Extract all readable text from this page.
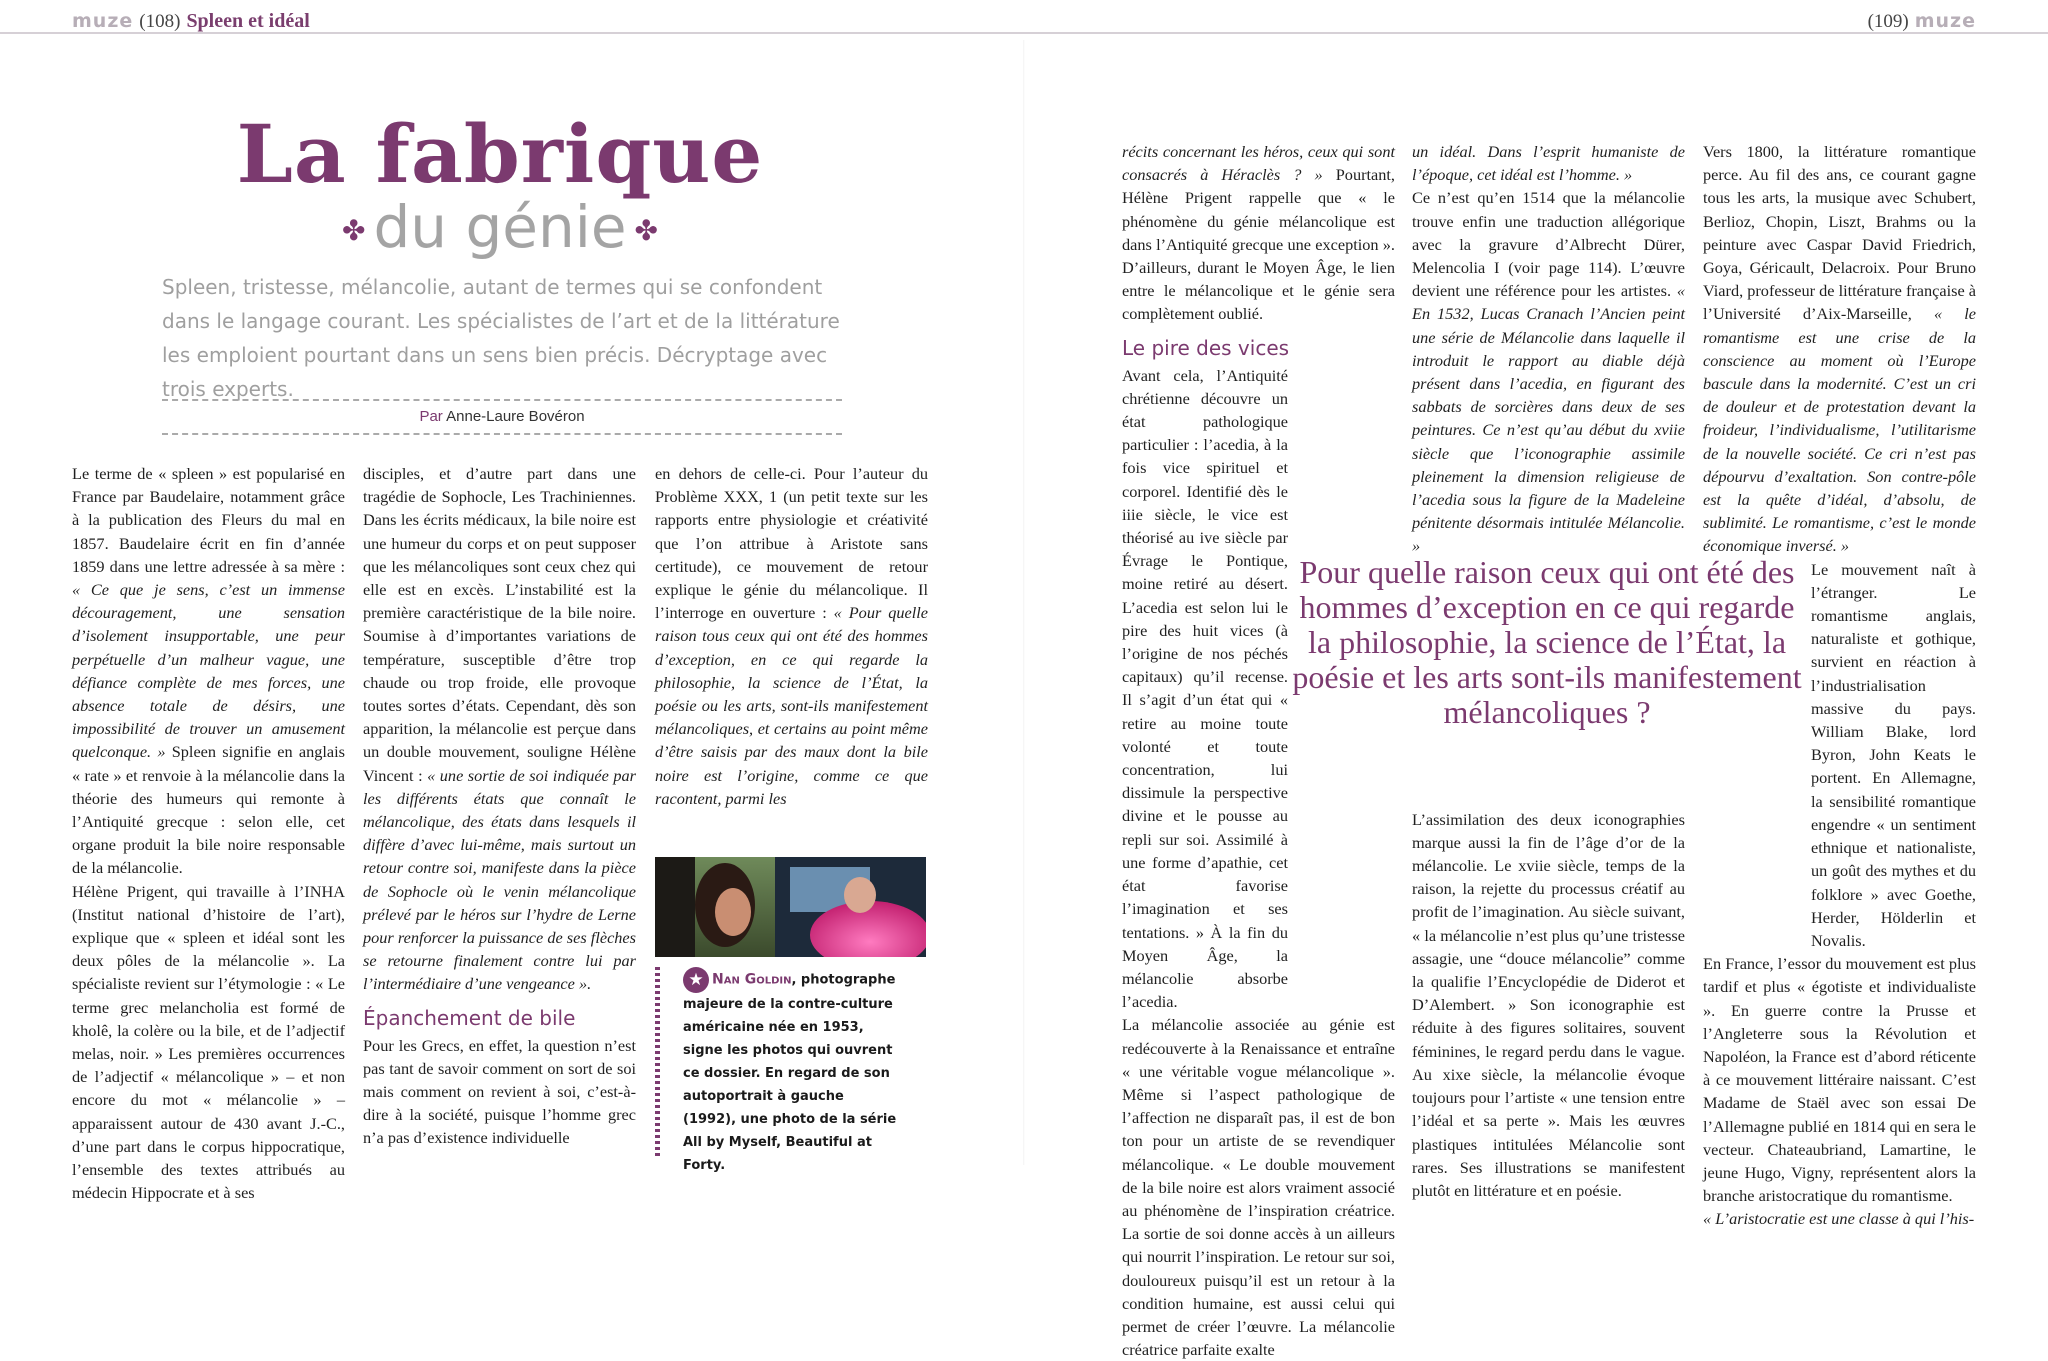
muze (108) Spleen et idéal	(109) muze
La fabrique
✤ du génie ✤

Spleen, tristesse, mélancolie, autant de termes qui se confondent dans le langage courant. Les spécialistes de l’art et de la littérature les emploient pourtant dans un sens bien précis. Décryptage avec trois experts.

Par Anne-Laure Bovéron

Le terme de « spleen » est popularisé en France par Baudelaire, notamment grâce à la publication des Fleurs du mal en 1857. Baudelaire écrit en fin d’année 1859 dans une lettre adressée à sa mère : « Ce que je sens, c’est un immense découragement, une sensation d’isolement insupportable, une peur perpétuelle d’un malheur vague, une défiance complète de mes forces, une absence totale de désirs, une impossibilité de trouver un amusement quelconque. » Spleen signifie en anglais « rate » et renvoie à la mélancolie dans la théorie des humeurs qui remonte à l’Antiquité grecque : selon elle, cet organe produit la bile noire responsable de la mélancolie.

Hélène Prigent, qui travaille à l’INHA (Institut national d’histoire de l’art), explique que « spleen et idéal sont les deux pôles de la mélancolie ». La spécialiste revient sur l’étymologie : « Le terme grec melancholia est formé de kholê, la colère ou la bile, et de l’adjectif melas, noir. » Les premières occurrences de l’adjectif « mélancolique » – et non encore du mot « mélancolie » – apparaissent autour de 430 avant J.-C., d’une part dans le corpus hippocratique, l’ensemble des textes attribués au médecin Hippocrate et à ses

disciples, et d’autre part dans une tragédie de Sophocle, Les Trachiniennes. Dans les écrits médicaux, la bile noire est une humeur du corps et on peut supposer que les mélancoliques sont ceux chez qui elle est en excès. L’instabilité est la première caractéristique de la bile noire. Soumise à d’importantes variations de température, susceptible d’être trop chaude ou trop froide, elle provoque toutes sortes d’états. Cependant, dès son apparition, la mélancolie est perçue dans un double mouvement, souligne Hélène Vincent : « une sortie de soi indiquée par les différents états que connaît le mélancolique, des états dans lesquels il diffère d’avec lui-même, mais surtout un retour contre soi, manifeste dans la pièce de Sophocle où le venin mélancolique prélevé par le héros sur l’hydre de Lerne pour renforcer la puissance de ses flèches se retourne finalement contre lui par l’intermédiaire d’une vengeance ».

Épanchement de bile

Pour les Grecs, en effet, la question n’est pas tant de savoir comment on sort de soi mais comment on revient à soi, c’est-à-dire à la société, puisque l’homme grec n’a pas d’existence individuelle

en dehors de celle-ci. Pour l’auteur du Problème XXX, 1 (un petit texte sur les rapports entre physiologie et créativité que l’on attribue à Aristote sans certitude), ce mouvement de retour explique le génie du mélancolique. Il l’interroge en ouverture : « Pour quelle raison tous ceux qui ont été des hommes d’exception, en ce qui regarde la philosophie, la science de l’État, la poésie ou les arts, sont-ils manifestement mélancoliques, et certains au point même d’être saisis par des maux dont la bile noire est l’origine, comme ce que racontent, parmi les

★ Nan Goldin, photographe majeure de la contre-culture américaine née en 1953, signe les photos qui ouvrent ce dossier. En regard de son autoportrait à gauche (1992), une photo de la série All by Myself, Beautiful at Forty.

récits concernant les héros, ceux qui sont consacrés à Héraclès ? » Pourtant, Hélène Prigent rappelle que « le phénomène du génie mélancolique est dans l’Antiquité grecque une exception ». D’ailleurs, durant le Moyen Âge, le lien entre le mélancolique et le génie sera complètement oublié.

Le pire des vices

Avant cela, l’Antiquité chrétienne découvre un état pathologique particulier : l’acedia, à la fois vice spirituel et corporel. Identifié dès le iiie siècle, le vice est théorisé au ive siècle par Évrage le Pontique, moine retiré au désert. L’acedia est selon lui le pire des huit vices (à l’origine de nos péchés capitaux) qu’il recense. Il s’agit d’un état qui « retire au moine toute volonté et toute concentration, lui dissimule la perspective divine et le pousse au repli sur soi. Assimilé à une forme d’apathie, cet état favorise l’imagination et ses tentations. » À la fin du Moyen Âge, la mélancolie absorbe l’acedia.

La mélancolie associée au génie est redécouverte à la Renaissance et entraîne « une véritable vogue mélancolique ». Même si l’aspect pathologique de l’affection ne disparaît pas, il est de bon ton pour un artiste de se revendiquer mélancolique. « Le double mouvement de la bile noire est alors vraiment associé au phénomène de l’inspiration créatrice. La sortie de soi donne accès à un ailleurs qui nourrit l’inspiration. Le retour sur soi, douloureux puisqu’il est un retour à la condition humaine, est aussi celui qui permet de créer l’œuvre. La mélancolie créatrice parfaite exalte

un idéal. Dans l’esprit humaniste de l’époque, cet idéal est l’homme. »

Ce n’est qu’en 1514 que la mélancolie trouve enfin une traduction allégorique avec la gravure d’Albrecht Dürer, Melencolia I (voir page 114). L’œuvre devient une référence pour les artistes. « En 1532, Lucas Cranach l’Ancien peint une série de Mélancolie dans laquelle il introduit le rapport au diable déjà présent dans l’acedia, en figurant des sabbats de sorcières dans deux de ses peintures. Ce n’est qu’au début du xviie siècle que l’iconographie assimile pleinement la dimension religieuse de l’acedia sous la figure de la Madeleine pénitente désormais intitulée Mélancolie. »

L’assimilation des deux iconographies marque aussi la fin de l’âge d’or de la mélancolie. Le xviie siècle, temps de la raison, la rejette du processus créatif au profit de l’imagination. Au siècle suivant, « la mélancolie n’est plus qu’une tristesse assagie, une “douce mélancolie” comme la qualifie l’Encyclopédie de Diderot et D’Alembert. » Son iconographie est réduite à des figures solitaires, souvent féminines, le regard perdu dans le vague. Au xixe siècle, la mélancolie évoque toujours pour l’artiste « une tension entre l’idéal et sa perte ». Mais les œuvres plastiques intitulées Mélancolie sont rares. Ses illustrations se manifestent plutôt en littérature et en poésie.

Vers 1800, la littérature romantique perce. Au fil des ans, ce courant gagne tous les arts, la musique avec Schubert, Berlioz, Chopin, Liszt, Brahms ou la peinture avec Caspar David Friedrich, Goya, Géricault, Delacroix. Pour Bruno Viard, professeur de littérature française à l’Université d’Aix-Marseille, « le romantisme est une crise de la conscience au moment où l’Europe bascule dans la modernité. C’est un cri de douleur et de protestation devant la froideur, l’individualisme, l’utilitarisme de la nouvelle société. Ce cri n’est pas dépourvu d’exaltation. Son contre-pôle est la quête d’idéal, d’absolu, de sublimité. Le romantisme, c’est le monde économique inversé. »

Le mouvement naît à l’étranger. Le romantisme anglais, naturaliste et gothique, survient en réaction à l’industrialisation massive du pays. William Blake, lord Byron, John Keats le portent. En Allemagne, la sensibilité romantique engendre « un sentiment ethnique et nationaliste, un goût des mythes et du folklore » avec Goethe, Herder, Hölderlin et Novalis.

En France, l’essor du mouvement est plus tardif et plus « égotiste et individualiste ». En guerre contre la Prusse et l’Angleterre sous la Révolution et Napoléon, la France est d’abord réticente à ce mouvement littéraire naissant. C’est Madame de Staël avec son essai De l’Allemagne publié en 1814 qui en sera le vecteur. Chateaubriand, Lamartine, le jeune Hugo, Vigny, représentent alors la branche aristocratique du romantisme.

« L’aristocratie est une classe à qui l’his-

Pour quelle raison ceux qui ont été des hommes d’exception en ce qui regarde la philosophie, la science de l’État, la poésie et les arts sont-ils manifestement mélancoliques ?
